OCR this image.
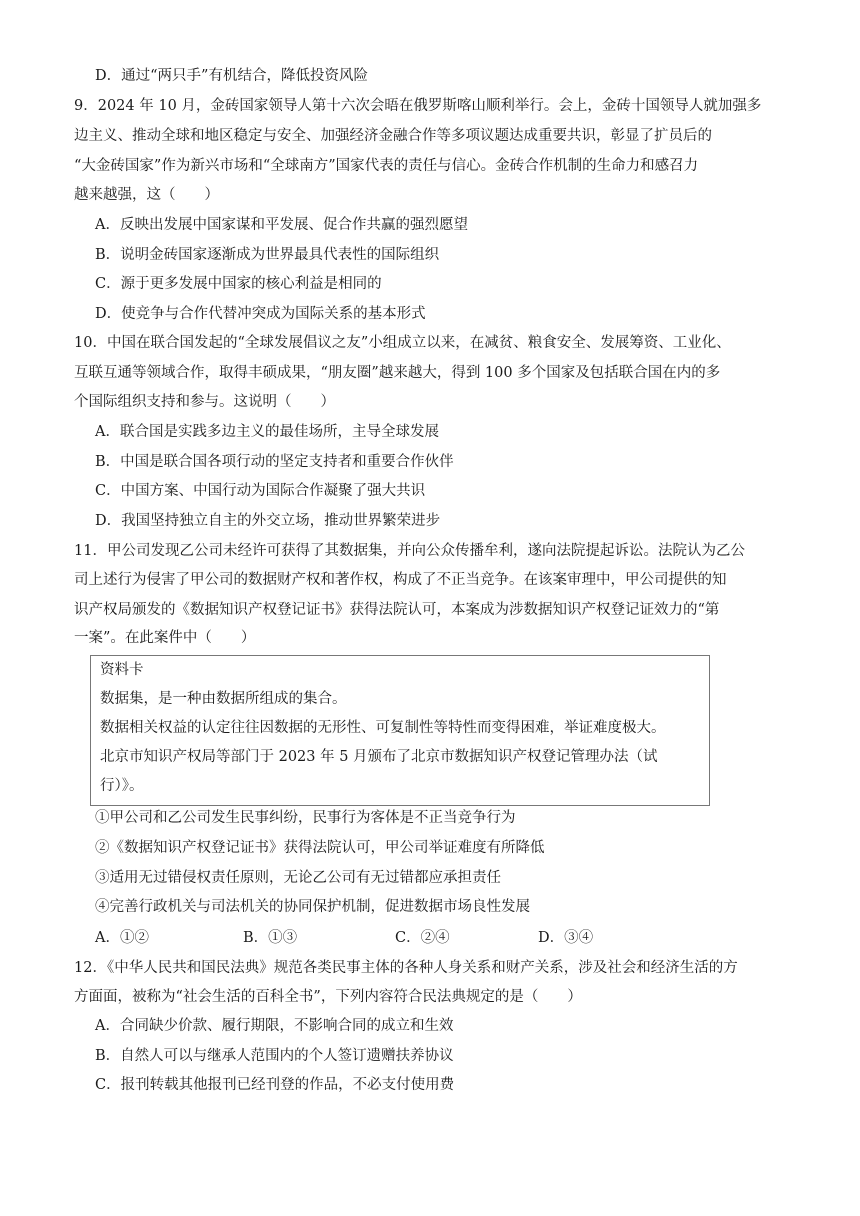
D．通过“两只手”有机结合，降低投资风险
9．2024 年 10 月，金砖国家领导人第十六次会晤在俄罗斯喀山顺利举行。会上，金砖十国领导人就加强多
边主义、推动全球和地区稳定与安全、加强经济金融合作等多项议题达成重要共识，彰显了扩员后的
“大金砖国家”作为新兴市场和“全球南方”国家代表的责任与信心。金砖合作机制的生命力和感召力
越来越强，这（　　）
A．反映出发展中国家谋和平发展、促合作共赢的强烈愿望
B．说明金砖国家逐渐成为世界最具代表性的国际组织
C．源于更多发展中国家的核心利益是相同的
D．使竞争与合作代替冲突成为国际关系的基本形式
10．中国在联合国发起的“全球发展倡议之友”小组成立以来，在减贫、粮食安全、发展筹资、工业化、
互联互通等领域合作，取得丰硕成果，“朋友圈”越来越大，得到 100 多个国家及包括联合国在内的多
个国际组织支持和参与。这说明（　　）
A．联合国是实践多边主义的最佳场所，主导全球发展
B．中国是联合国各项行动的坚定支持者和重要合作伙伴
C．中国方案、中国行动为国际合作凝聚了强大共识
D．我国坚持独立自主的外交立场，推动世界繁荣进步
11．甲公司发现乙公司未经许可获得了其数据集，并向公众传播牟利，遂向法院提起诉讼。法院认为乙公
司上述行为侵害了甲公司的数据财产权和著作权，构成了不正当竞争。在该案审理中，甲公司提供的知
识产权局颁发的《数据知识产权登记证书》获得法院认可，本案成为涉数据知识产权登记证效力的“第
一案”。在此案件中（　　）
资料卡
数据集，是一种由数据所组成的集合。
数据相关权益的认定往往因数据的无形性、可复制性等特性而变得困难，举证难度极大。
北京市知识产权局等部门于 2023 年 5 月颁布了北京市数据知识产权登记管理办法（试
行）》。
①甲公司和乙公司发生民事纠纷，民事行为客体是不正当竞争行为
②《数据知识产权登记证书》获得法院认可，甲公司举证难度有所降低
③适用无过错侵权责任原则，无论乙公司有无过错都应承担责任
④完善行政机关与司法机关的协同保护机制，促进数据市场良性发展
A．①②	B．①③	C．②④	D．③④
12．《中华人民共和国民法典》规范各类民事主体的各种人身关系和财产关系，涉及社会和经济生活的方
方面面，被称为“社会生活的百科全书”，下列内容符合民法典规定的是（　　）
A．合同缺少价款、履行期限，不影响合同的成立和生效
B．自然人可以与继承人范围内的个人签订遗赠扶养协议
C．报刊转载其他报刊已经刊登的作品，不必支付使用费
